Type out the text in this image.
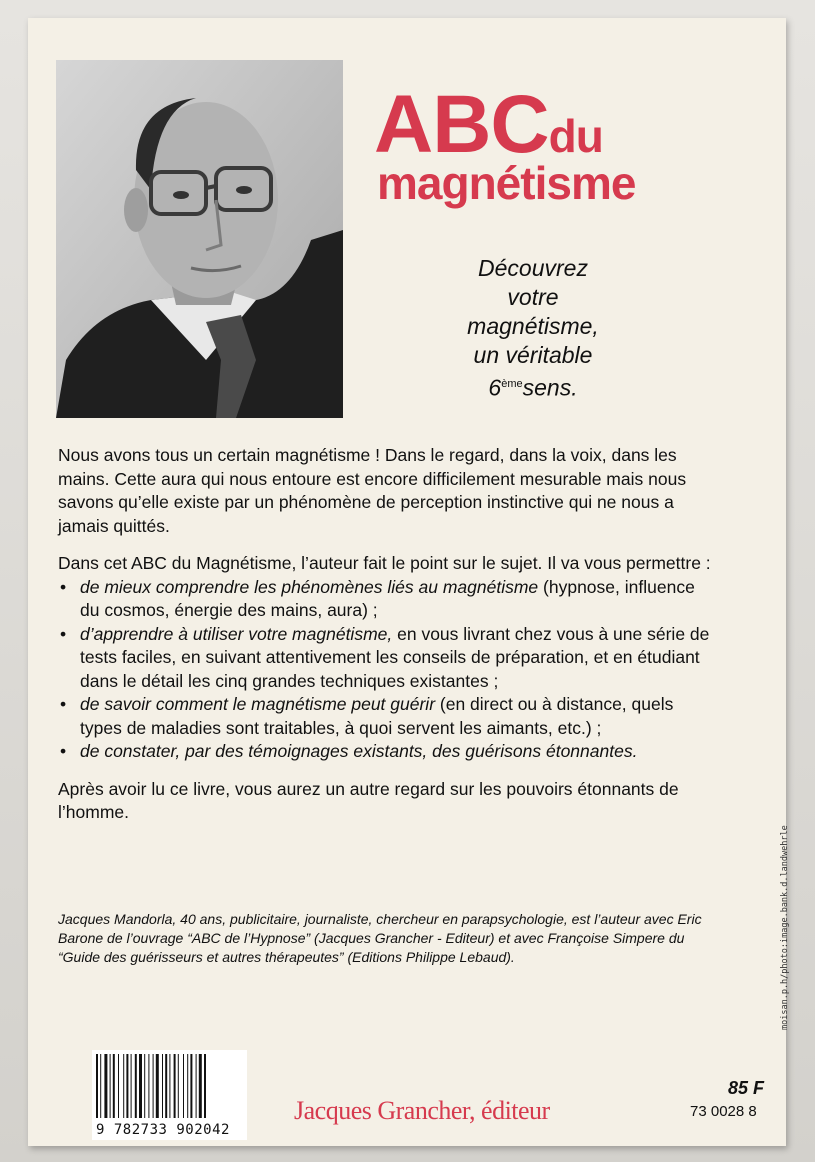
ABCdu
magnétisme
Découvrez
votre
magnétisme,
un véritable
6èmesens.

Nous avons tous un certain magnétisme ! Dans le regard, dans la voix, dans les mains. Cette aura qui nous entoure est encore difficilement mesurable mais nous savons qu’elle existe par un phénomène de perception instinctive qui ne nous a jamais quittés.

Dans cet ABC du Magnétisme, l’auteur fait le point sur le sujet. Il va vous permettre :

• de mieux comprendre les phénomènes liés au magnétisme (hypnose, influence du cosmos, énergie des mains, aura) ;
• d’apprendre à utiliser votre magnétisme, en vous livrant chez vous à une série de tests faciles, en suivant attentivement les conseils de préparation, et en étudiant dans le détail les cinq grandes techniques existantes ;
• de savoir comment le magnétisme peut guérir (en direct ou à distance, quels types de maladies sont traitables, à quoi servent les aimants, etc.) ;
• de constater, par des témoignages existants, des guérisons étonnantes.

Après avoir lu ce livre, vous aurez un autre regard sur les pouvoirs étonnants de l’homme.

Jacques Mandorla, 40 ans, publicitaire, journaliste, chercheur en parapsychologie, est l’auteur avec Eric Barone de l’ouvrage “ABC de l’Hypnose” (Jacques Grancher - Editeur) et avec Françoise Simpere du “Guide des guérisseurs et autres thérapeutes” (Editions Philippe Lebaud).	moisan.p.h/photo:image.bank.d.landwehrle
9 782733 902042
Jacques Grancher, éditeur
85 F
73 0028 8
